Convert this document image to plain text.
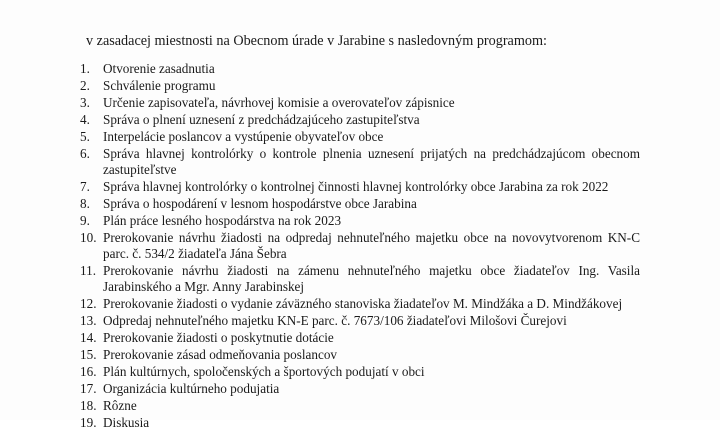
v zasadacej miestnosti na Obecnom úrade v Jarabine s nasledovným programom:
1. Otvorenie zasadnutia
2. Schválenie programu
3. Určenie zapisovateľa, návrhovej komisie a overovateľov zápisnice
4. Správa o plnení uznesení z predchádzajúceho zastupiteľstva
5. Interpelácie poslancov a vystúpenie obyvateľov obce
6. Správa hlavnej kontrolórky o kontrole plnenia uznesení prijatých na predchádzajúcom obecnom zastupiteľstve
7. Správa hlavnej kontrolórky o kontrolnej činnosti hlavnej kontrolórky obce Jarabina za rok 2022
8. Správa o hospodárení v lesnom hospodárstve obce Jarabina
9. Plán práce lesného hospodárstva na rok 2023
10. Prerokovanie návrhu žiadosti na odpredaj nehnuteľného majetku obce na novovytvorenom KN-C parc. č. 534/2 žiadateľa Jána Šebra
11. Prerokovanie návrhu žiadosti na zámenu nehnuteľného majetku obce žiadateľov Ing. Vasila Jarabinského a Mgr. Anny Jarabinskej
12. Prerokovanie žiadosti o vydanie záväzného stanoviska žiadateľov M. Mindžáka a D. Mindžákovej
13. Odpredaj nehnuteľného majetku KN-E parc. č. 7673/106 žiadateľovi Milošovi Čurejovi
14. Prerokovanie žiadosti o poskytnutie dotácie
15. Prerokovanie zásad odmeňovania poslancov
16. Plán kultúrnych, spoločenských a športových podujatí v obci
17. Organizácia kultúrneho podujatia
18. Rôzne
19. Diskusia
